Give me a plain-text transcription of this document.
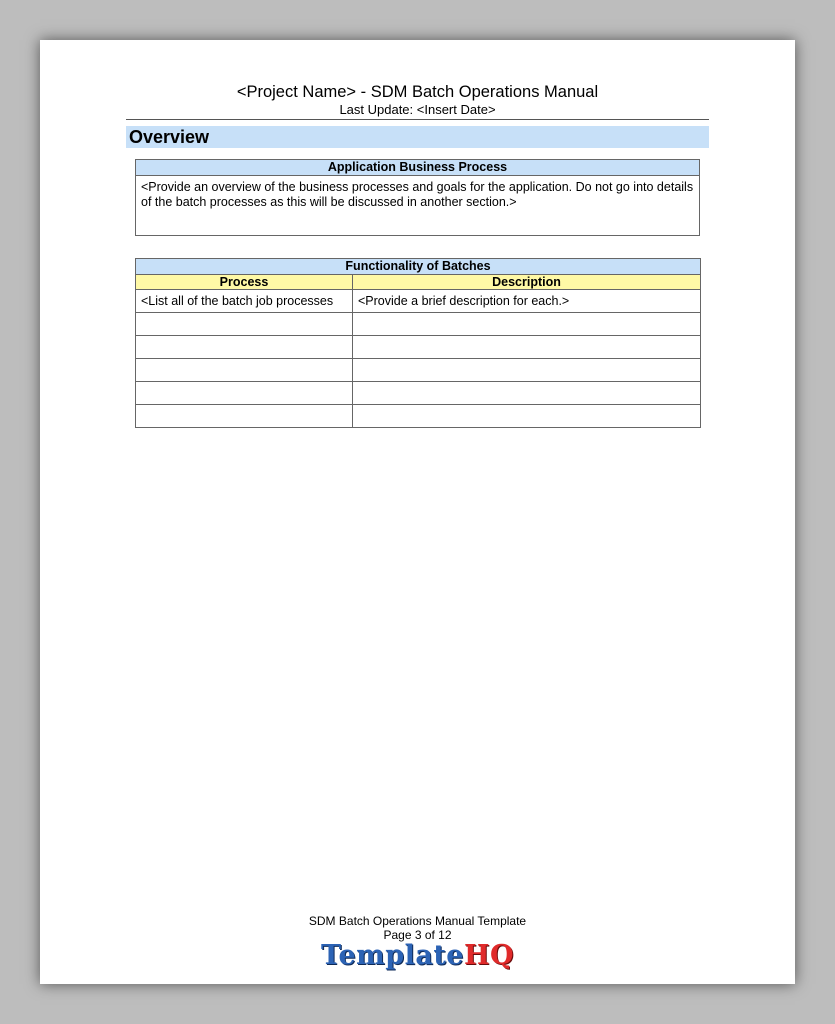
<Project Name> - SDM Batch Operations Manual
Last Update: <Insert Date>
Overview
Application Business Process
<Provide an overview of the business processes and goals for the application. Do not go into details of the batch processes as this will be discussed in another section.>
Functionality of Batches	
Process	Description
<List all of the batch job processes	<Provide a brief description for each.>

SDM Batch Operations Manual Template
Page 3 of 12
TemplateHQ
